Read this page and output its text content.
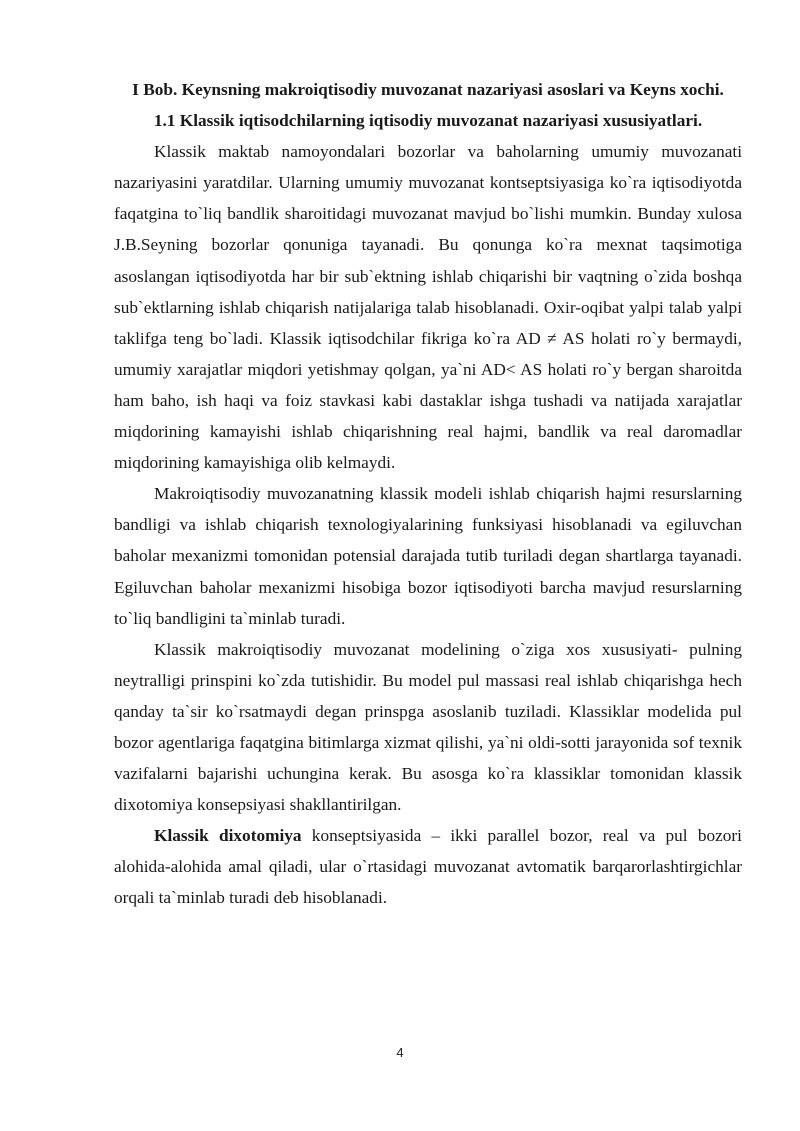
I Bob. Keynsning makroiqtisodiy muvozanat nazariyasi asoslari va Keyns xochi.
1.1 Klassik iqtisodchilarning iqtisodiy muvozanat nazariyasi xususiyatlari.

Klassik maktab namoyondalari bozorlar va baholarning umumiy muvozanati nazariyasini yaratdilar. Ularning umumiy muvozanat kontseptsiyasiga ko`ra iqtisodiyotda faqatgina to`liq bandlik sharoitidagi muvozanat mavjud bo`lishi mumkin. Bunday xulosa J.B.Seyning bozorlar qonuniga tayanadi. Bu qonunga ko`ra mexnat taqsimotiga asoslangan iqtisodiyotda har bir sub`ektning ishlab chiqarishi bir vaqtning o`zida boshqa sub`ektlarning ishlab chiqarish natijalariga talab hisoblanadi. Oxir-oqibat yalpi talab yalpi taklifga teng bo`ladi. Klassik iqtisodchilar fikriga ko`ra AD ≠ AS holati ro`y bermaydi, umumiy xarajatlar miqdori yetishmay qolgan, ya`ni AD< AS holati ro`y bergan sharoitda ham baho, ish haqi va foiz stavkasi kabi dastaklar ishga tushadi va natijada xarajatlar miqdorining kamayishi ishlab chiqarishning real hajmi, bandlik va real daromadlar miqdorining kamayishiga olib kelmaydi.

Makroiqtisodiy muvozanatning klassik modeli ishlab chiqarish hajmi resurslarning bandligi va ishlab chiqarish texnologiyalarining funksiyasi hisoblanadi va egiluvchan baholar mexanizmi tomonidan potensial darajada tutib turiladi degan shartlarga tayanadi. Egiluvchan baholar mexanizmi hisobiga bozor iqtisodiyoti barcha mavjud resurslarning to`liq bandligini ta`minlab turadi.

Klassik makroiqtisodiy muvozanat modelining o`ziga xos xususiyati- pulning neytralligi prinspini ko`zda tutishidir. Bu model pul massasi real ishlab chiqarishga hech qanday ta`sir ko`rsatmaydi degan prinspga asoslanib tuziladi. Klassiklar modelida pul bozor agentlariga faqatgina bitimlarga xizmat qilishi, ya`ni oldi-sotti jarayonida sof texnik vazifalarni bajarishi uchungina kerak. Bu asosga ko`ra klassiklar tomonidan klassik dixotomiya konsepsiyasi shakllantirilgan.

Klassik dixotomiya konseptsiyasida – ikki parallel bozor, real va pul bozori alohida-alohida amal qiladi, ular o`rtasidagi muvozanat avtomatik barqarorlashtirgichlar orqali ta`minlab turadi deb hisoblanadi.

4
